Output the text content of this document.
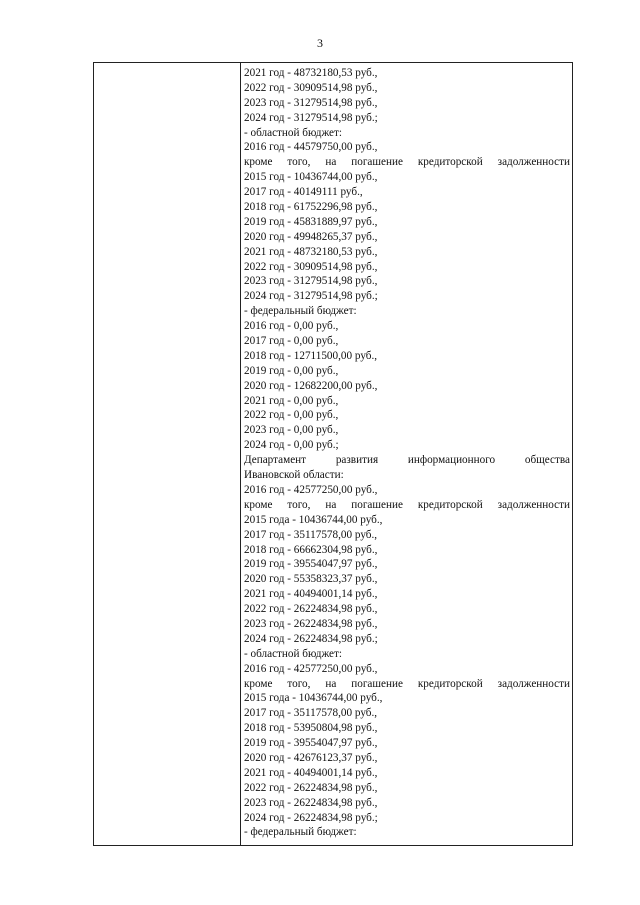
3
2021 год - 48732180,53 руб.,
2022 год - 30909514,98 руб.,
2023 год - 31279514,98 руб.,
2024 год - 31279514,98 руб.;
- областной бюджет:
2016 год - 44579750,00 руб.,
кроме того, на погашение кредиторской задолженности
2015 год - 10436744,00 руб.,
2017 год - 40149111 руб.,
2018 год - 61752296,98 руб.,
2019 год - 45831889,97 руб.,
2020 год - 49948265,37 руб.,
2021 год - 48732180,53 руб.,
2022 год - 30909514,98 руб.,
2023 год - 31279514,98 руб.,
2024 год - 31279514,98 руб.;
- федеральный бюджет:
2016 год - 0,00 руб.,
2017 год - 0,00 руб.,
2018 год - 12711500,00 руб.,
2019 год - 0,00 руб.,
2020 год - 12682200,00 руб.,
2021 год - 0,00 руб.,
2022 год - 0,00 руб.,
2023 год - 0,00 руб.,
2024 год - 0,00 руб.;
Департамент развития информационного общества
Ивановской области:
2016 год - 42577250,00 руб.,
кроме того, на погашение кредиторской задолженности
2015 года - 10436744,00 руб.,
2017 год - 35117578,00 руб.,
2018 год - 66662304,98 руб.,
2019 год - 39554047,97 руб.,
2020 год - 55358323,37 руб.,
2021 год - 40494001,14 руб.,
2022 год - 26224834,98 руб.,
2023 год - 26224834,98 руб.,
2024 год - 26224834,98 руб.;
- областной бюджет:
2016 год - 42577250,00 руб.,
кроме того, на погашение кредиторской задолженности
2015 года - 10436744,00 руб.,
2017 год - 35117578,00 руб.,
2018 год - 53950804,98 руб.,
2019 год - 39554047,97 руб.,
2020 год - 42676123,37 руб.,
2021 год - 40494001,14 руб.,
2022 год - 26224834,98 руб.,
2023 год - 26224834,98 руб.,
2024 год - 26224834,98 руб.;
- федеральный бюджет:
